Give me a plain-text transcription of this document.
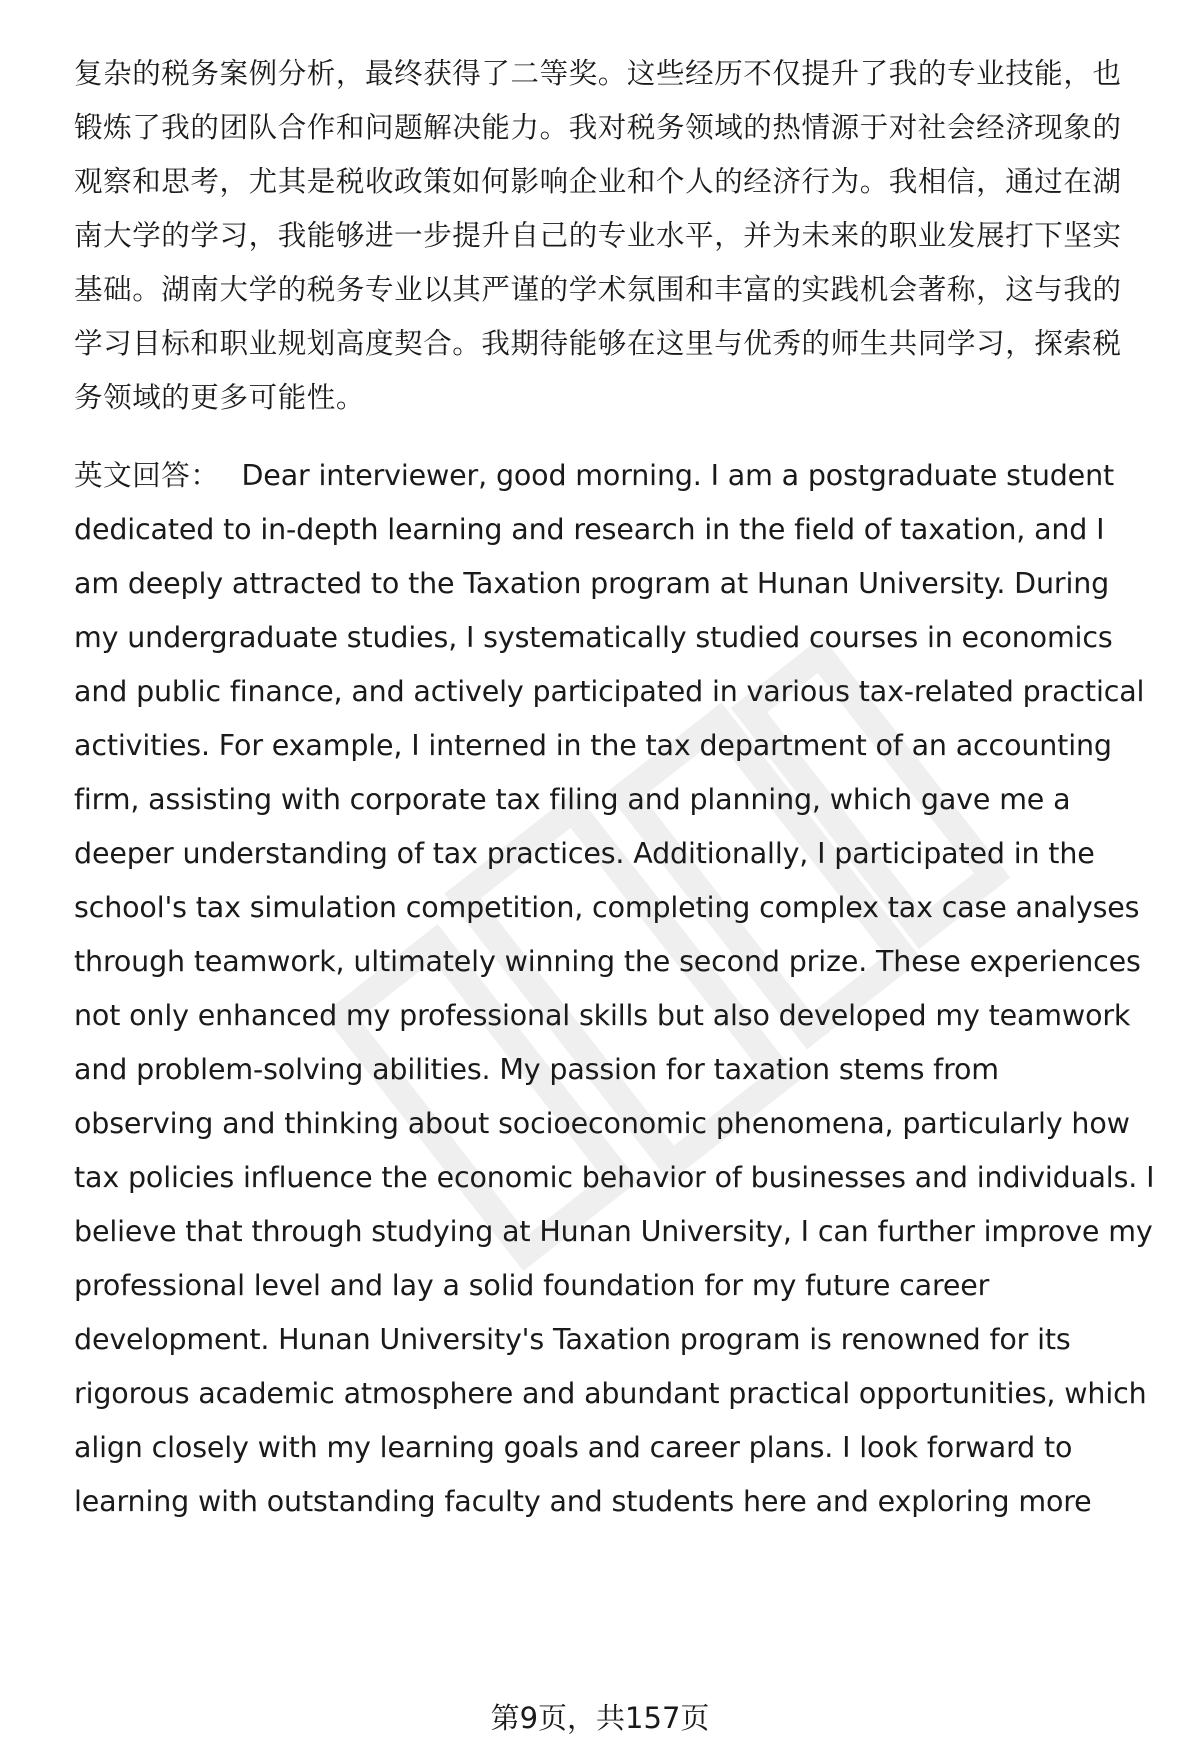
复杂的税务案例分析，最终获得了二等奖。这些经历不仅提升了我的专业技能，也
锻炼了我的团队合作和问题解决能力。我对税务领域的热情源于对社会经济现象的
观察和思考，尤其是税收政策如何影响企业和个人的经济行为。我相信，通过在湖
南大学的学习，我能够进一步提升自己的专业水平，并为未来的职业发展打下坚实
基础。湖南大学的税务专业以其严谨的学术氛围和丰富的实践机会著称，这与我的
学习目标和职业规划高度契合。我期待能够在这里与优秀的师生共同学习，探索税
务领域的更多可能性。
英文回答： Dear interviewer, good morning. I am a postgraduate student
dedicated to in-depth learning and research in the field of taxation, and I
am deeply attracted to the Taxation program at Hunan University. During
my undergraduate studies, I systematically studied courses in economics
and public finance, and actively participated in various tax-related practical
activities. For example, I interned in the tax department of an accounting
firm, assisting with corporate tax filing and planning, which gave me a
deeper understanding of tax practices. Additionally, I participated in the
school's tax simulation competition, completing complex tax case analyses
through teamwork, ultimately winning the second prize. These experiences
not only enhanced my professional skills but also developed my teamwork
and problem-solving abilities. My passion for taxation stems from
observing and thinking about socioeconomic phenomena, particularly how
tax policies influence the economic behavior of businesses and individuals. I
believe that through studying at Hunan University, I can further improve my
professional level and lay a solid foundation for my future career
development. Hunan University's Taxation program is renowned for its
rigorous academic atmosphere and abundant practical opportunities, which
align closely with my learning goals and career plans. I look forward to
learning with outstanding faculty and students here and exploring more
第9页，共157页
